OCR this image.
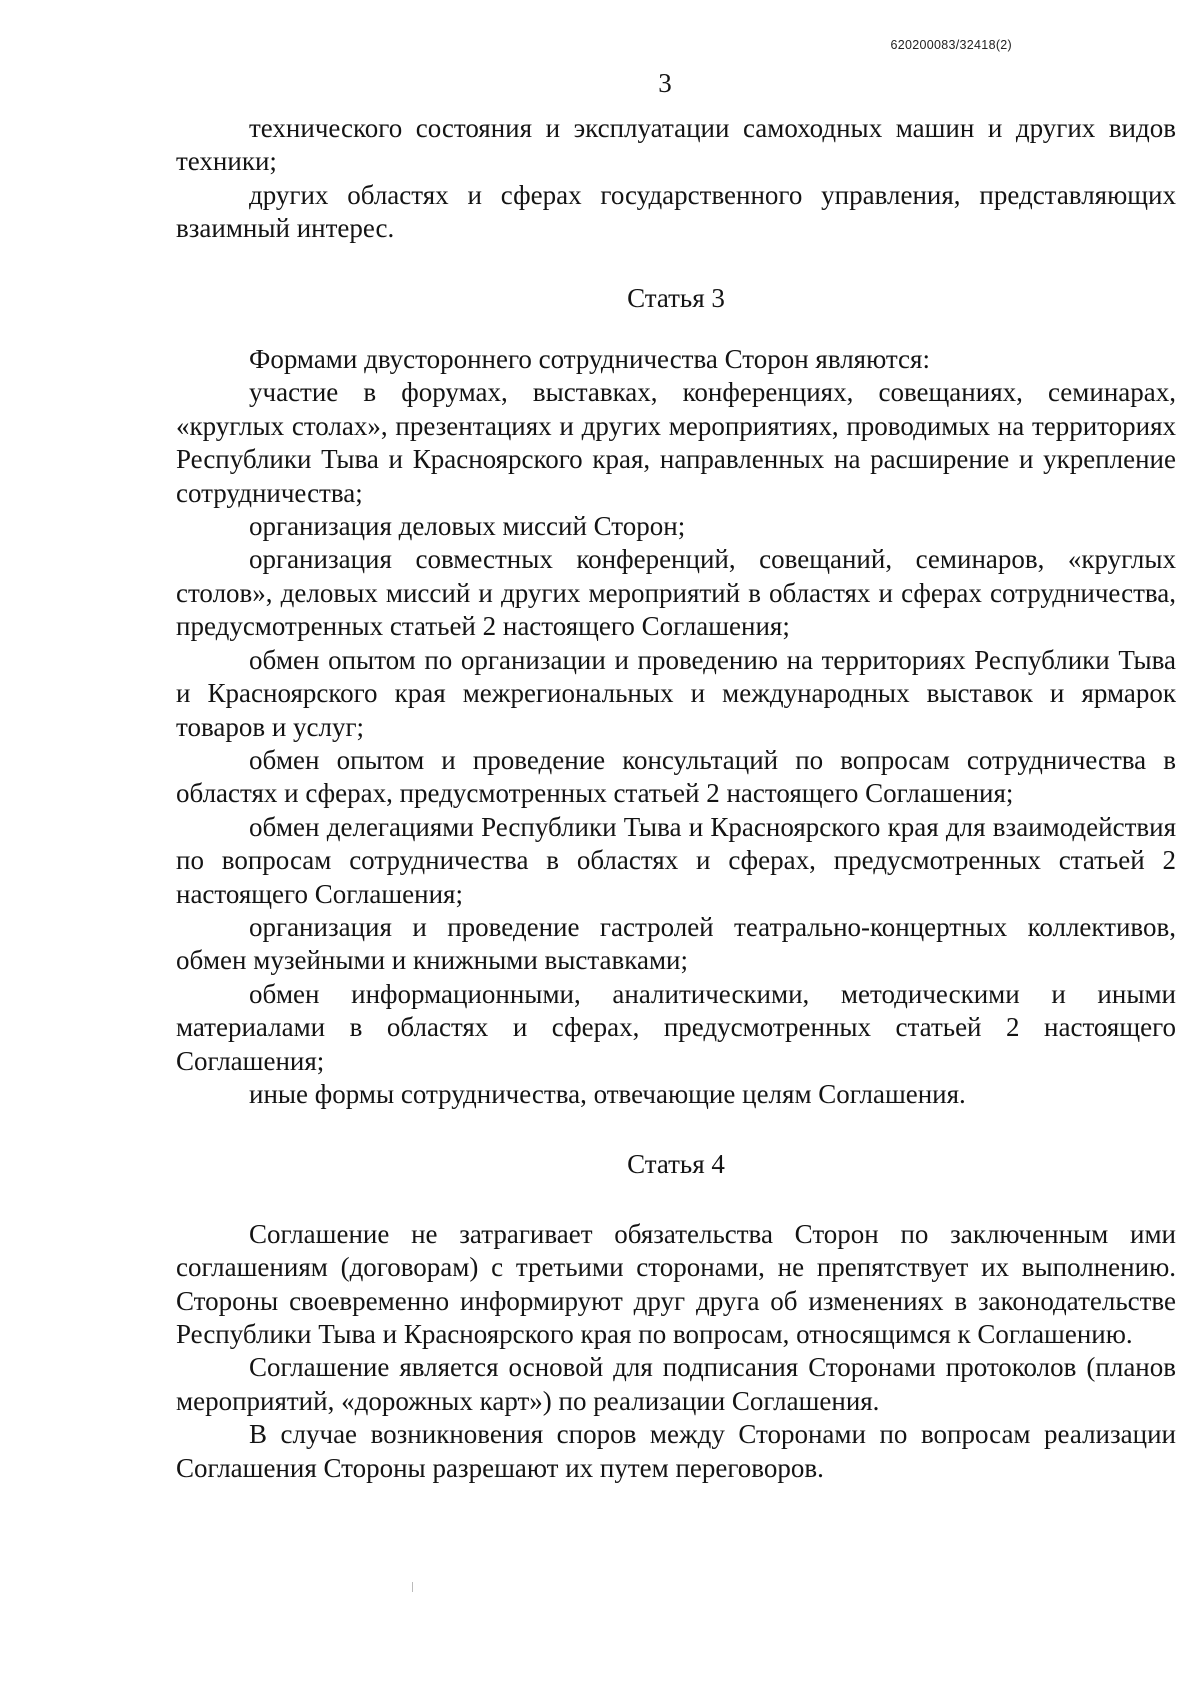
620200083/32418(2)
3

технического состояния и эксплуатации самоходных машин и других видов техники;

других областях и сферах государственного управления, представляющих взаимный интерес.

Статья 3

Формами двустороннего сотрудничества Сторон являются:

участие в форумах, выставках, конференциях, совещаниях, семинарах, «круглых столах», презентациях и других мероприятиях, проводимых на территориях Республики Тыва и Красноярского края, направленных на расширение и укрепление сотрудничества;

организация деловых миссий Сторон;

организация совместных конференций, совещаний, семинаров, «круглых столов», деловых миссий и других мероприятий в областях и сферах сотрудничества, предусмотренных статьей 2 настоящего Соглашения;

обмен опытом по организации и проведению на территориях Республики Тыва и Красноярского края межрегиональных и международных выставок и ярмарок товаров и услуг;

обмен опытом и проведение консультаций по вопросам сотрудничества в областях и сферах, предусмотренных статьей 2 настоящего Соглашения;

обмен делегациями Республики Тыва и Красноярского края для взаимодействия по вопросам сотрудничества в областях и сферах, предусмотренных статьей 2 настоящего Соглашения;

организация и проведение гастролей театрально-концертных коллективов, обмен музейными и книжными выставками;

обмен информационными, аналитическими, методическими и иными материалами в областях и сферах, предусмотренных статьей 2 настоящего Соглашения;

иные формы сотрудничества, отвечающие целям Соглашения.

Статья 4

Соглашение не затрагивает обязательства Сторон по заключенным ими соглашениям (договорам) с третьими сторонами, не препятствует их выполнению. Стороны своевременно информируют друг друга об изменениях в законодательстве Республики Тыва и Красноярского края по вопросам, относящимся к Соглашению.

Соглашение является основой для подписания Сторонами протоколов (планов мероприятий, «дорожных карт») по реализации Соглашения.

В случае возникновения споров между Сторонами по вопросам реализации Соглашения Стороны разрешают их путем переговоров.
